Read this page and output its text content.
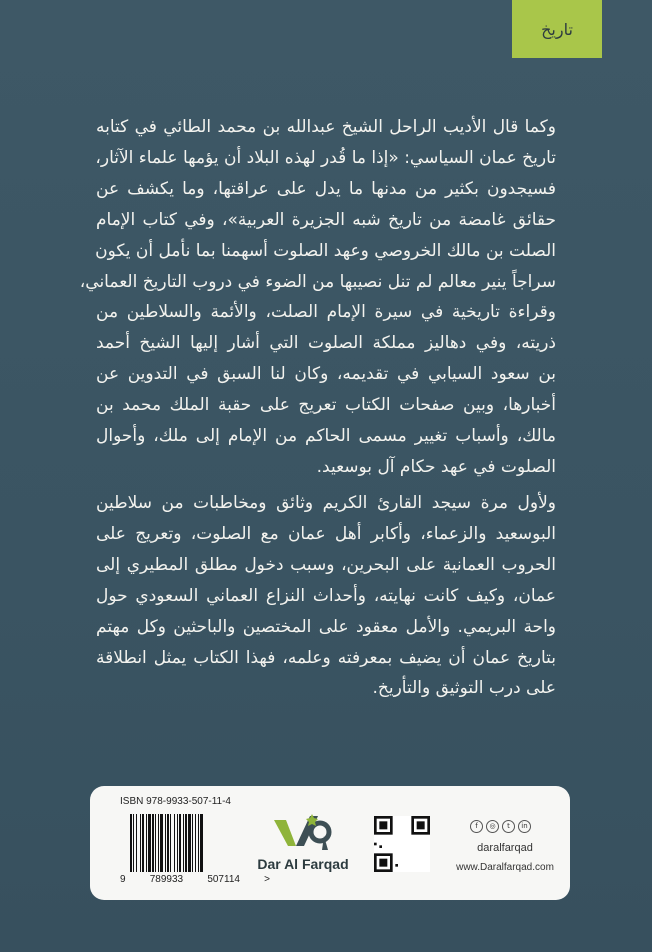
تاريخ
وكما قال الأديب الراحل الشيخ عبدالله بن محمد الطائي في كتابه
تاريخ عمان السياسي: «إذا ما قُدر لهذه البلاد أن يؤمها علماء الآثار،
فسيجدون بكثير من مدنها ما يدل على عراقتها، وما يكشف عن
حقائق غامضة من تاريخ شبه الجزيرة العربية»، وفي كتاب الإمام
الصلت بن مالك الخروصي وعهد الصلوت أسهمنا بما نأمل أن يكون
سراجاً ينير معالم لم تنل نصيبها من الضوء في دروب التاريخ العماني،
وقراءة تاريخية في سيرة الإمام الصلت، والأئمة والسلاطين من
ذريته، وفي دهاليز مملكة الصلوت التي أشار إليها الشيخ أحمد
بن سعود السيابي في تقديمه، وكان لنا السبق في التدوين عن
أخبارها، وبين صفحات الكتاب تعريج على حقبة الملك محمد بن
مالك، وأسباب تغيير مسمى الحاكم من الإمام إلى ملك، وأحوال
الصلوت في عهد حكام آل بوسعيد.
ولأول مرة سيجد القارئ الكريم وثائق ومخاطبات من سلاطين
البوسعيد والزعماء، وأكابر أهل عمان مع الصلوت، وتعريج على
الحروب العمانية على البحرين، وسبب دخول مطلق المطيري إلى
عمان، وكيف كانت نهايته، وأحداث النزاع العماني السعودي حول
واحة البريمي. والأمل معقود على المختصين والباحثين وكل مهتم
بتاريخ عمان أن يضيف بمعرفته وعلمه، فهذا الكتاب يمثل انطلاقة
على درب التوثيق والتأريخ.
ISBN 978-9933-507-11-4
9 789933 507114 >
Dar Al Farqad
f	◎	t	in
daralfarqad
www.Daralfarqad.com
